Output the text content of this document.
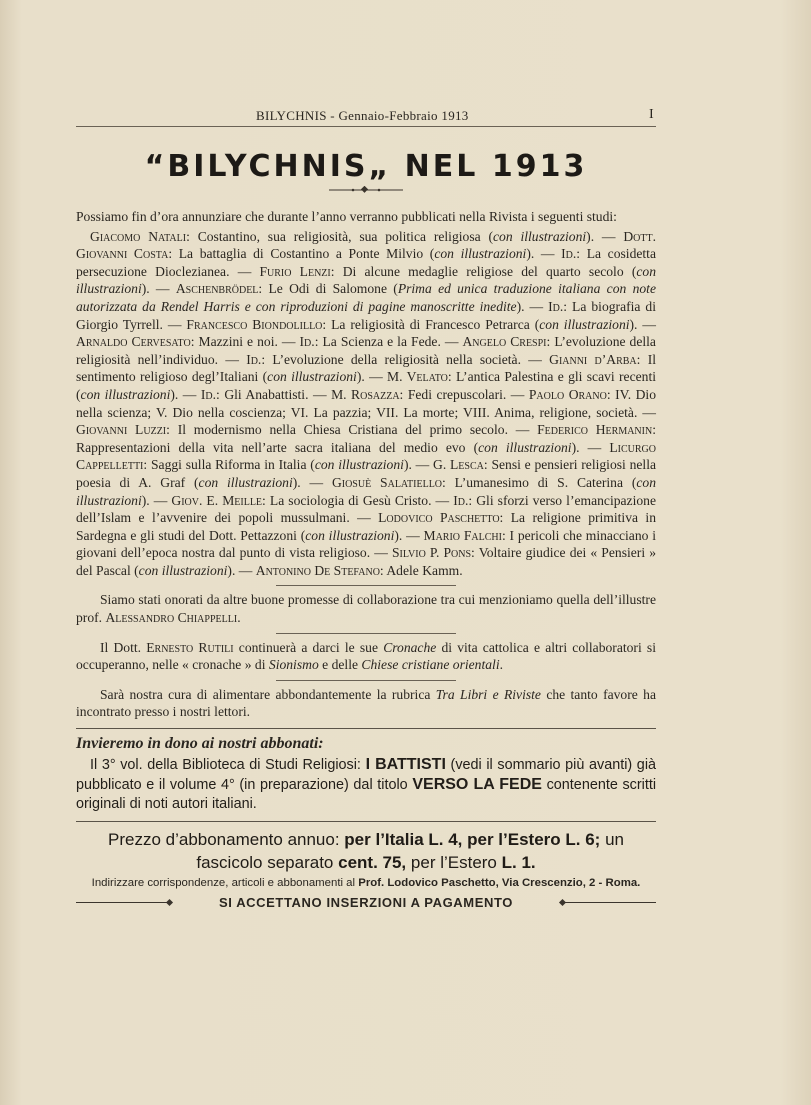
BILYCHNIS - Gennaio-Febbraio 1913	I
“BILYCHNIS„ NEL 1913

Possiamo fin d’ora annunziare che durante l’anno verranno pubblicati nella Rivista i seguenti studi:

Giacomo Natali: Costantino, sua religiosità, sua politica religiosa (con illustrazioni). — Dott. Giovanni Costa: La battaglia di Costantino a Ponte Milvio (con illustrazioni). — Id.: La cosidetta persecuzione Dioclezianea. — Furio Lenzi: Di alcune medaglie religiose del quarto secolo (con illustrazioni). — Aschenbrödel: Le Odi di Salomone (Prima ed unica traduzione italiana con note autorizzata da Rendel Harris e con riproduzioni di pagine manoscritte inedite). — Id.: La biografia di Giorgio Tyrrell. — Francesco Biondolillo: La religiosità di Francesco Petrarca (con illustrazioni). — Arnaldo Cervesato: Mazzini e noi. — Id.: La Scienza e la Fede. — Angelo Crespi: L’evoluzione della religiosità nell’individuo. — Id.: L’evoluzione della religiosità nella società. — Gianni d’Arba: Il sentimento religioso degl’Italiani (con illustrazioni). — M. Velato: L’antica Palestina e gli scavi recenti (con illustrazioni). — Id.: Gli Anabattisti. — M. Rosazza: Fedi crepuscolari. — Paolo Orano: IV. Dio nella scienza; V. Dio nella coscienza; VI. La pazzia; VII. La morte; VIII. Anima, religione, società. — Giovanni Luzzi: Il modernismo nella Chiesa Cristiana del primo secolo. — Federico Hermanin: Rappresentazioni della vita nell’arte sacra italiana del medio evo (con illustrazioni). — Licurgo Cappelletti: Saggi sulla Riforma in Italia (con illustrazioni). — G. Lesca: Sensi e pensieri religiosi nella poesia di A. Graf (con illustrazioni). — Giosuè Salatiello: L’umanesimo di S. Caterina (con illustrazioni). — Giov. E. Meille: La sociologia di Gesù Cristo. — Id.: Gli sforzi verso l’emancipazione dell’Islam e l’avvenire dei popoli mussulmani. — Lodovico Paschetto: La religione primitiva in Sardegna e gli studi del Dott. Pettazzoni (con illustrazioni). — Mario Falchi: I pericoli che minacciano i giovani dell’epoca nostra dal punto di vista religioso. — Silvio P. Pons: Voltaire giudice dei « Pensieri » del Pascal (con illustrazioni). — Antonino De Stefano: Adele Kamm.

Siamo stati onorati da altre buone promesse di collaborazione tra cui menzioniamo quella dell’illustre prof. Alessandro Chiappelli.

Il Dott. Ernesto Rutili continuerà a darci le sue Cronache di vita cattolica e altri collaboratori si occuperanno, nelle « cronache » di Sionismo e delle Chiese cristiane orientali.

Sarà nostra cura di alimentare abbondantemente la rubrica Tra Libri e Riviste che tanto favore ha incontrato presso i nostri lettori.

Invieremo in dono ai nostri abbonati:

Il 3° vol. della Biblioteca di Studi Religiosi: I BATTISTI (vedi il sommario più avanti) già pubblicato e il volume 4° (in preparazione) dal titolo VERSO LA FEDE contenente scritti originali di noti autori italiani.

Prezzo d’abbonamento annuo: per l’Italia L. 4, per l’Estero L. 6; un fascicolo separato cent. 75, per l’Estero L. 1.
Indirizzare corrispondenze, articoli e abbonamenti al Prof. Lodovico Paschetto, Via Crescenzio, 2 - Roma.
SI ACCETTANO INSERZIONI A PAGAMENTO
